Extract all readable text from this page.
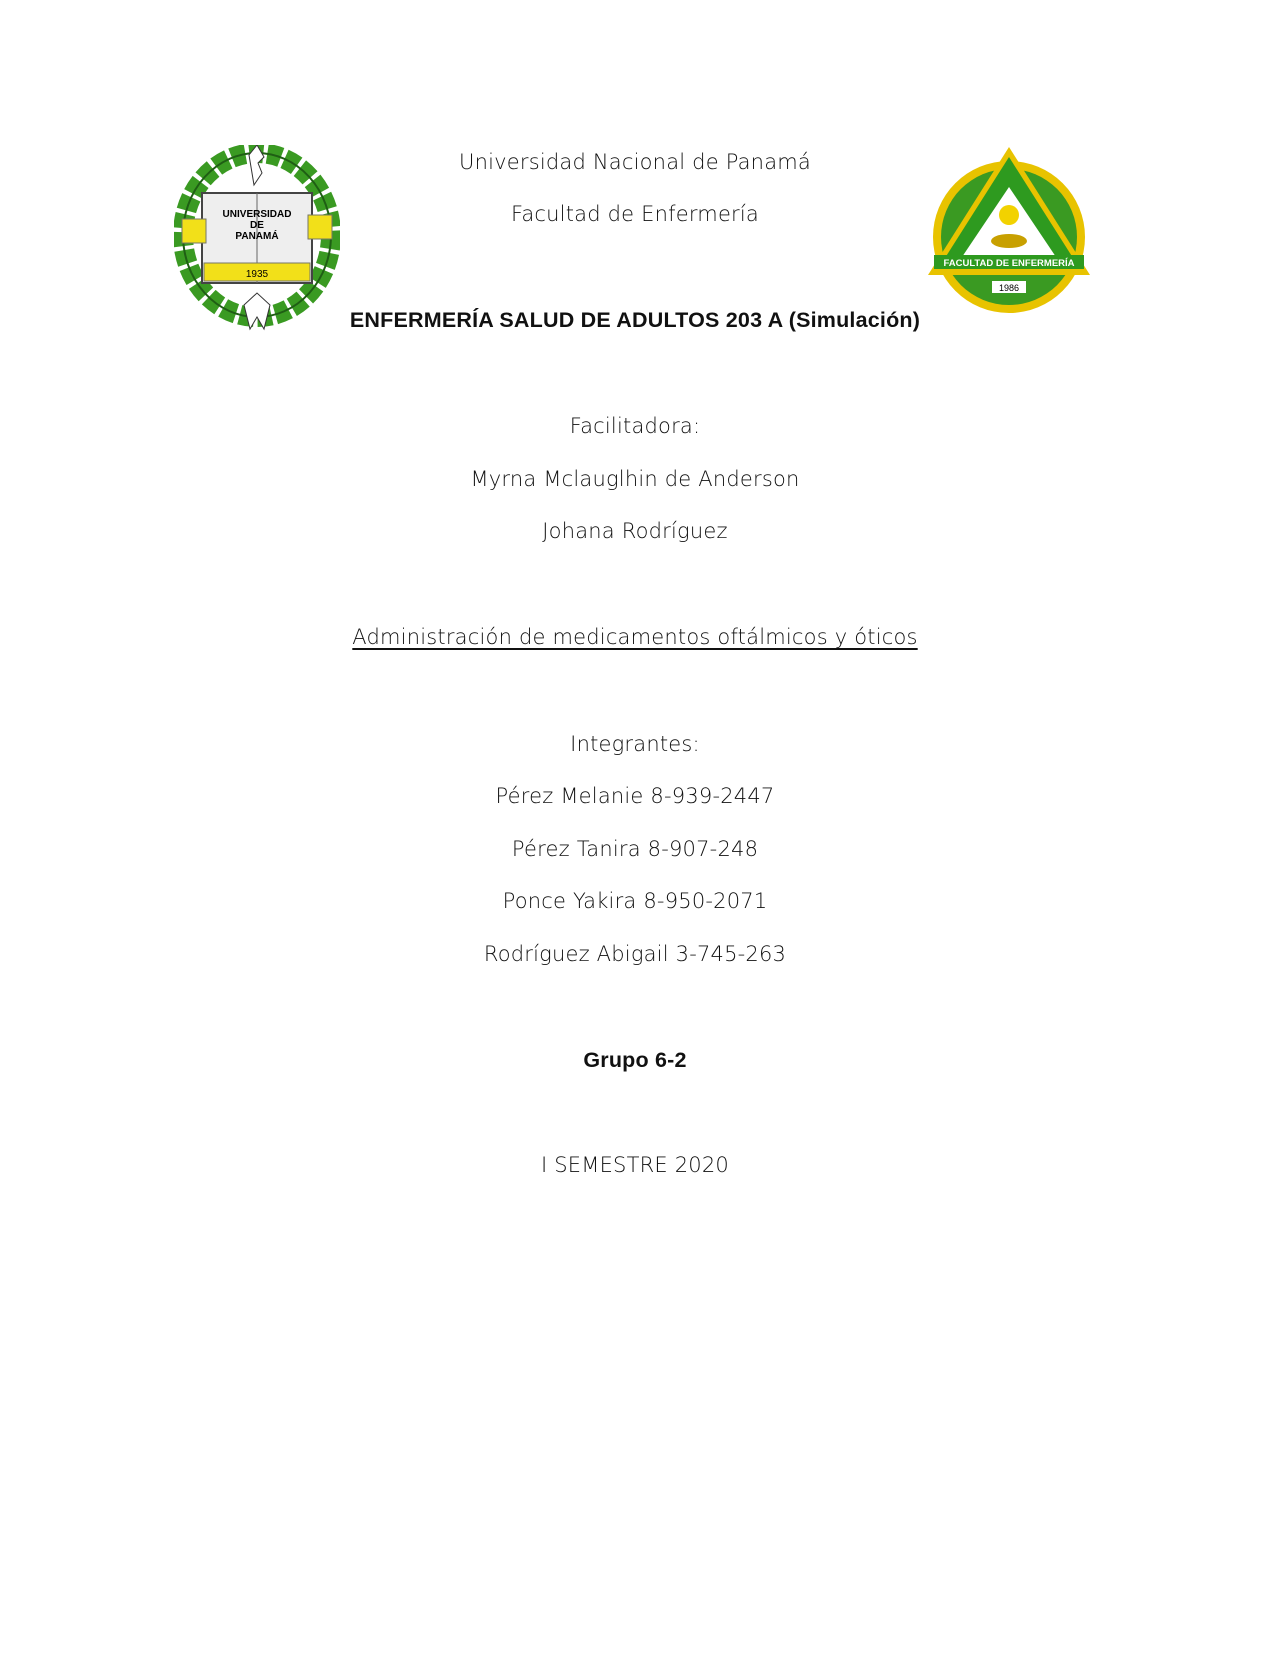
UNIVERSIDAD
DE
PANAMÁ
1935
FACULTAD DE ENFERMERÍA
1986
Universidad Nacional de Panamá
Facultad de Enfermería
ENFERMERÍA SALUD DE ADULTOS 203 A (Simulación)
Facilitadora:
Myrna Mclauglhin de Anderson
Johana Rodríguez
Administración de medicamentos oftálmicos y óticos
Integrantes:
Pérez Melanie 8-939-2447
Pérez Tanira 8-907-248
Ponce Yakira 8-950-2071
Rodríguez Abigail 3-745-263
Grupo 6-2
I SEMESTRE 2020
